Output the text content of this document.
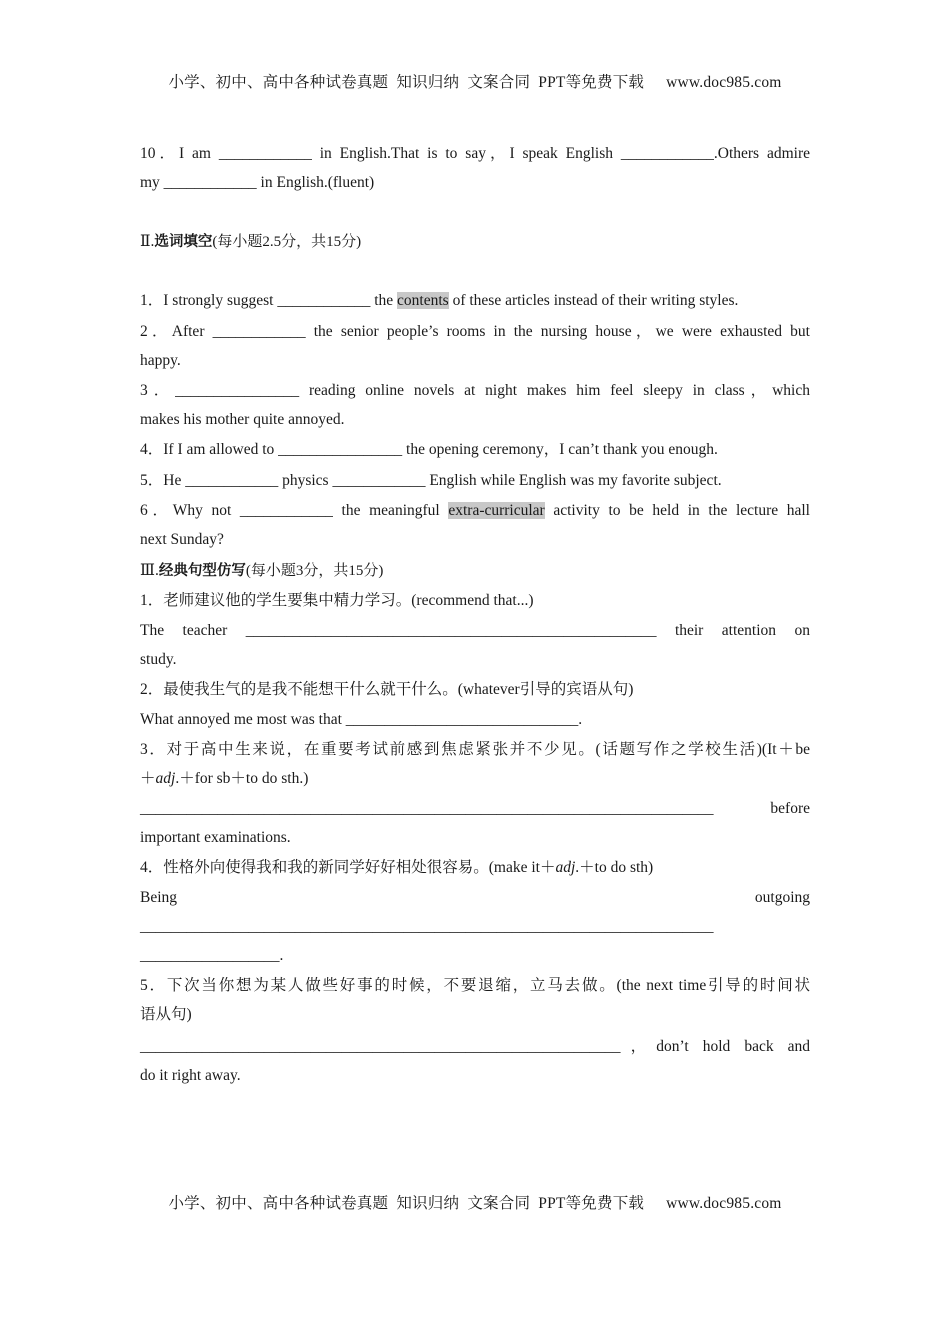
小学、初中、高中各种试卷真题  知识归纳  文案合同  PPT等免费下载 www.doc985.com
10．I am ____________ in English.That is to say，I speak English ____________.Others admire
my ____________ in English.(fluent)
Ⅱ.选词填空(每小题2.5分，共15分)
1．I strongly suggest ____________ the contents of these articles instead of their writing styles.
2．After ____________ the senior people’s rooms in the nursing house，we were exhausted but
happy.
3．________________ reading online novels at night makes him feel sleepy in class，which
makes his mother quite annoyed.
4．If I am allowed to ________________ the opening ceremony，I can’t thank you enough.
5．He ____________ physics ____________ English while English was my favorite subject.
6．Why not ____________ the meaningful extra-curricular activity to be held in the lecture hall
next Sunday?
Ⅲ.经典句型仿写(每小题3分，共15分)
1．老师建议他的学生要集中精力学习。(recommend that...)
The teacher _____________________________________________________ their attention on
study.
2．最使我生气的是我不能想干什么就干什么。(whatever引导的宾语从句)
What annoyed me most was that ______________________________.
3．对于高中生来说，在重要考试前感到焦虑紧张并不少见。(话题写作之学校生活)(It＋be
＋adj.＋for sb＋to do sth.)
__________________________________________________________________________ before
important examinations.
4．性格外向使得我和我的新同学好好相处很容易。(make it＋adj.＋to do sth)
Being outgoing
__________________________________________________________________________
__________________.
5．下次当你想为某人做些好事的时候，不要退缩，立马去做。(the next time引导的时间状
语从句)
______________________________________________________________，don’t hold back and
do it right away.
小学、初中、高中各种试卷真题  知识归纳  文案合同  PPT等免费下载 www.doc985.com
